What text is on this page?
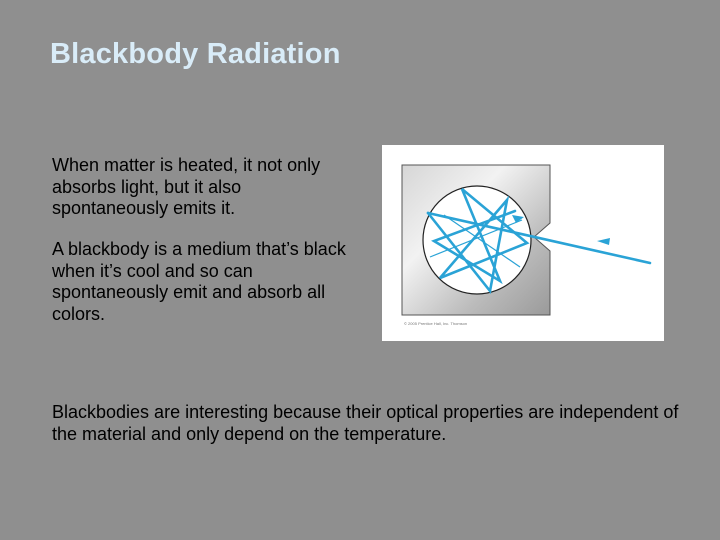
Blackbody Radiation
When matter is heated, it not only absorbs light, but it also spontaneously emits it.
A blackbody is a medium that’s black when it’s cool and so can spontaneously emit and absorb all colors.	© 2005 Prentice Hall, Inc. Thomson
Blackbodies are interesting because their optical properties are independent of the material and only depend on the temperature.
